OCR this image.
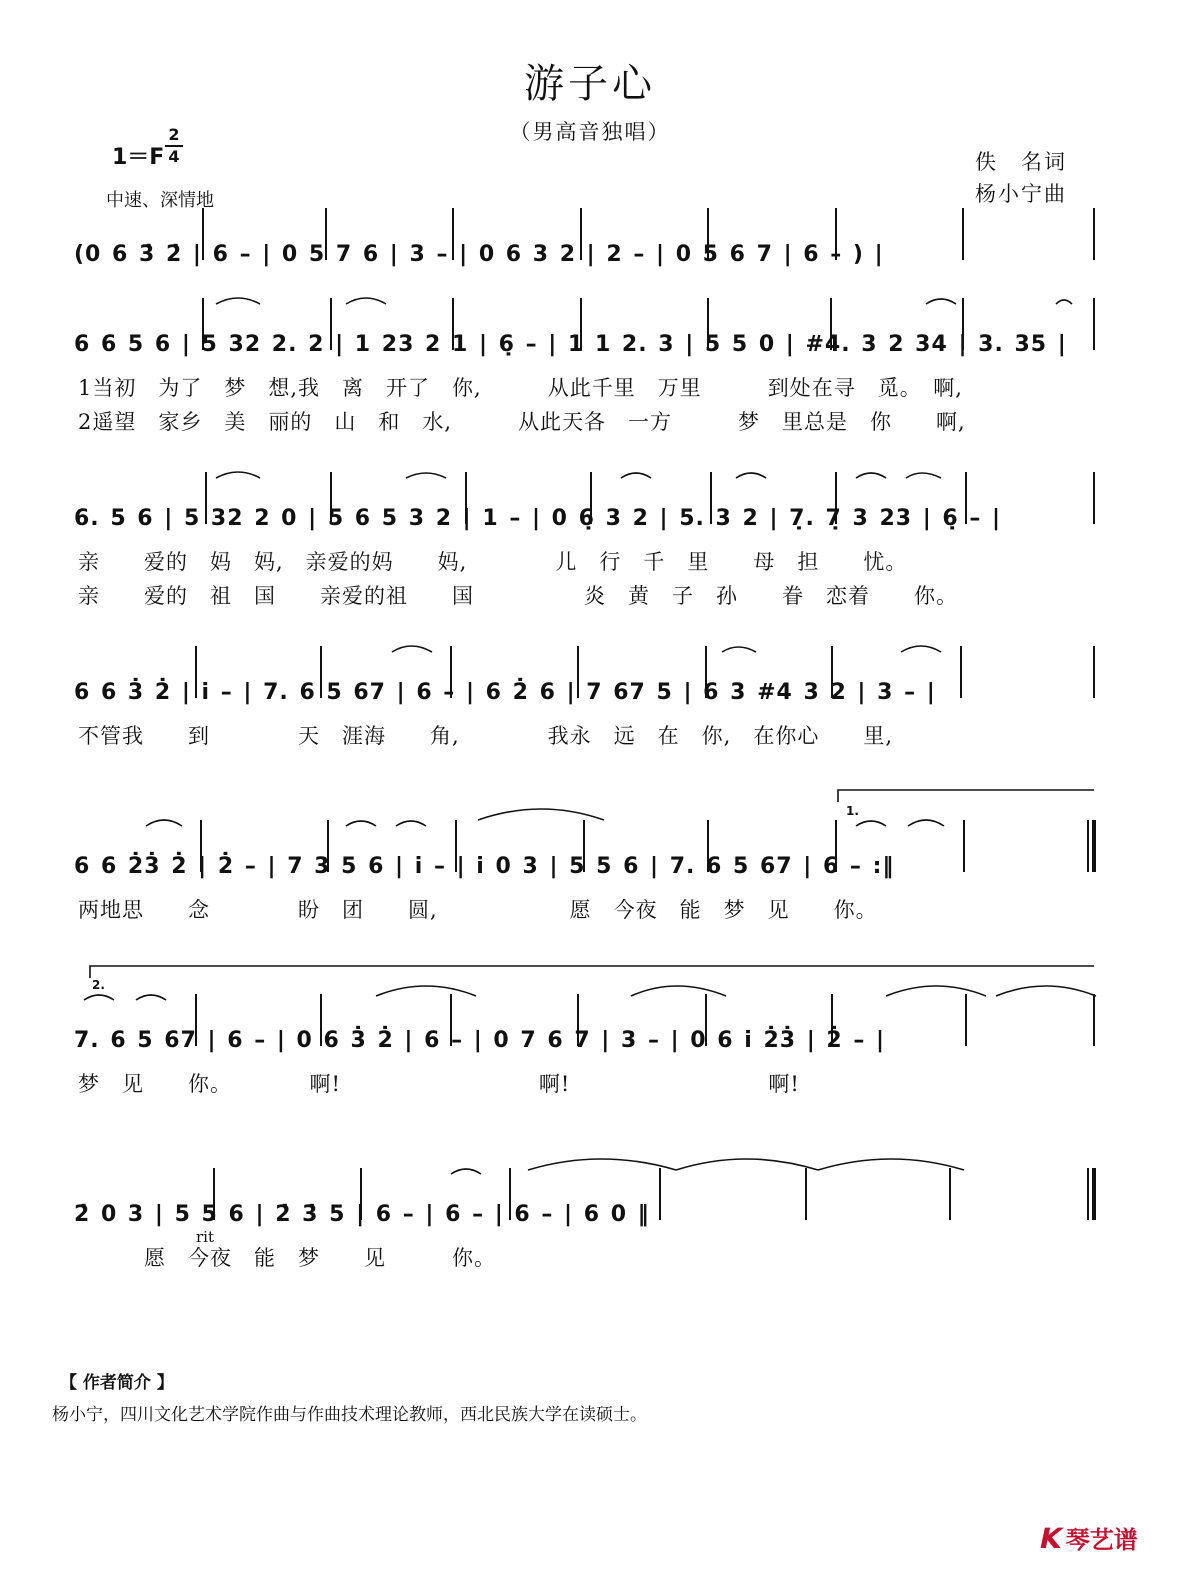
游子心
（男高音独唱）
1＝F
2
4
中速、深情地
佚　名词
杨小宁曲
(0 6 3̇ 2̇ | 6 – | 0 5 7 6 | 3 – | 0 6 3 2 | 2 – | 0 5 6 7 | 6 – ) |
6 6 5 6 | 5 32 2. 2 | 1 23 2 1 | 6̣ – | 1 1 2. 3 | 5 5 0 | #4. 3 2 34 | 3. 35 |
1当初　为了　梦　想,我　离　开了　你,　　　从此千里　万里　　　到处在寻　觅。　啊,
2遥望　家乡　美　丽的　山　和　水,　　　从此天各　一方　　　梦　里总是　你　　啊,
6. 5 6 | 5 32 2 0 | 5 6 5 3 2 | 1 – | 0 6̣ 3 2 | 5. 3 2 | 7̣. 7̣ 3 23 | 6̣ – |
亲　　爱的　妈　妈,　亲爱的妈　　妈,　　　　儿　行　千　里　　母　担　　忧。
亲　　爱的　祖　国　　亲爱的祖　　国　　　　　炎　黄　子　孙　　眷　恋着　　你。
6 6 3̇ 2̇ | i – | 7. 6 5 67 | 6 – | 6 2̇ 6 | 7 67 5 | 6 3 #4 3 2 | 3 – |
不管我　　到　　　　天　涯海　　角,　　　　我永　远　在　你,　在你心　　里,
1.
6 6 2̇3̇ 2̇ | 2̇ – | 7 3 5 6 | i – | i 0 3 | 5 5 6 | 7. 6 5 67 | 6 – :‖
两地思　　念　　　　盼　团　　圆,　　　　　　愿　今夜　能　梦　见　　你。
2.
7. 6 5 67 | 6 – | 0 6 3̇ 2̇ | 6 – | 0 7 6 7 | 3 – | 0 6 i 2̇3̇ | 2̇ – |
梦　见　　你。　　　　啊!　　　　　　　　　啊!　　　　　　　　　啊!
2̇ 0 3 | 5 5 6 | 2̇ 3̇ 5 | 6 – | 6 – | 6 – | 6 0 ‖
rit
　　　愿　今夜　能　梦　　见　　　你。
【 作者简介 】
杨小宁，四川文化艺术学院作曲与作曲技术理论教师，西北民族大学在读硕士。
K琴艺谱
